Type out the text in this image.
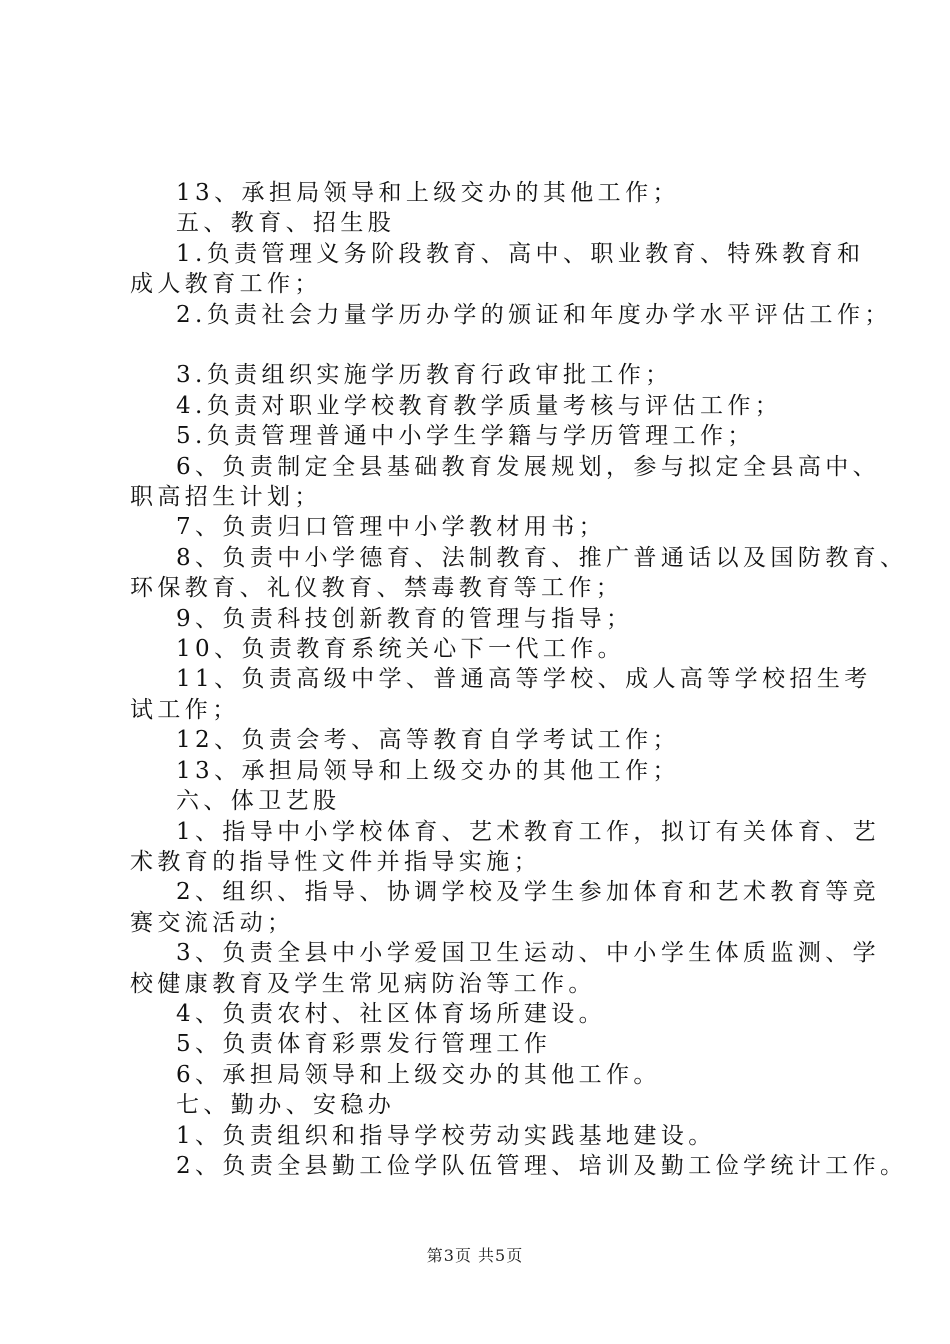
13、承担局领导和上级交办的其他工作；
五、教育、招生股
1.负责管理义务阶段教育、高中、职业教育、特殊教育和
成人教育工作；
2.负责社会力量学历办学的颁证和年度办学水平评估工作；
3.负责组织实施学历教育行政审批工作；
4.负责对职业学校教育教学质量考核与评估工作；
5.负责管理普通中小学生学籍与学历管理工作；
6、负责制定全县基础教育发展规划，参与拟定全县高中、
职高招生计划；
7、负责归口管理中小学教材用书；
8、负责中小学德育、法制教育、推广普通话以及国防教育、
环保教育、礼仪教育、禁毒教育等工作；
9、负责科技创新教育的管理与指导；
10、负责教育系统关心下一代工作。
11、负责高级中学、普通高等学校、成人高等学校招生考
试工作；
12、负责会考、高等教育自学考试工作；
13、承担局领导和上级交办的其他工作；
六、体卫艺股
1、指导中小学校体育、艺术教育工作，拟订有关体育、艺
术教育的指导性文件并指导实施；
2、组织、指导、协调学校及学生参加体育和艺术教育等竞
赛交流活动；
3、负责全县中小学爱国卫生运动、中小学生体质监测、学
校健康教育及学生常见病防治等工作。
4、负责农村、社区体育场所建设。
5、负责体育彩票发行管理工作
6、承担局领导和上级交办的其他工作。
七、勤办、安稳办
1、负责组织和指导学校劳动实践基地建设。
2、负责全县勤工俭学队伍管理、培训及勤工俭学统计工作。
第3页 共5页
